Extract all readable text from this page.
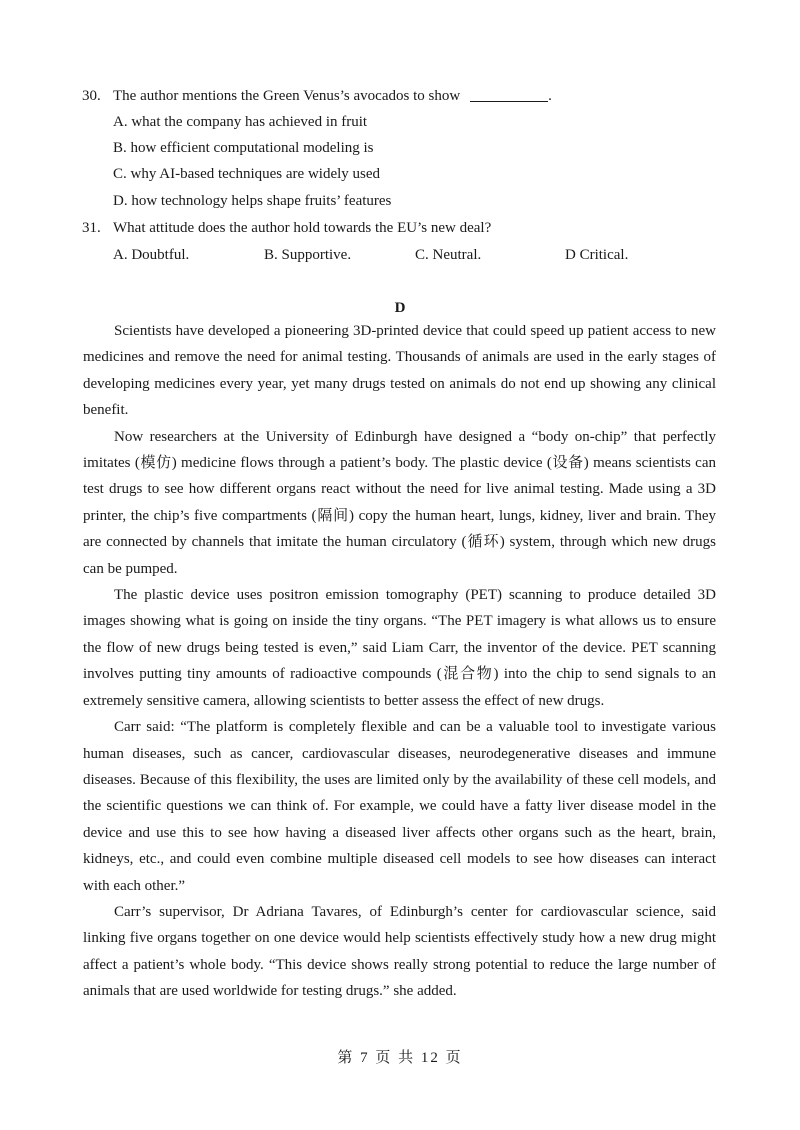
30. The author mentions the Green Venus’s avocados to show	.
A. what the company has achieved in fruit
B. how efficient computational modeling is
C. why AI-based techniques are widely used
D. how technology helps shape fruits’ features
31. What attitude does the author hold towards the EU’s new deal?
A. Doubtful.	B. Supportive.	C. Neutral.	D Critical.
D

Scientists have developed a pioneering 3D-printed device that could speed up patient access to new medicines and remove the need for animal testing. Thousands of animals are used in the early stages of developing medicines every year, yet many drugs tested on animals do not end up showing any clinical benefit.

Now researchers at the University of Edinburgh have designed a “body on-chip” that perfectly imitates (模仿) medicine flows through a patient’s body. The plastic device (设备) means scientists can test drugs to see how different organs react without the need for live animal testing. Made using a 3D printer, the chip’s five compartments (隔间) copy the human heart, lungs, kidney, liver and brain. They are connected by channels that imitate the human circulatory (循环) system, through which new drugs can be pumped.

The plastic device uses positron emission tomography (PET) scanning to produce detailed 3D images showing what is going on inside the tiny organs. “The PET imagery is what allows us to ensure the flow of new drugs being tested is even,” said Liam Carr, the inventor of the device. PET scanning involves putting tiny amounts of radioactive compounds (混合物) into the chip to send signals to an extremely sensitive camera, allowing scientists to better assess the effect of new drugs.

Carr said: “The platform is completely flexible and can be a valuable tool to investigate various human diseases, such as cancer, cardiovascular diseases, neurodegenerative diseases and immune diseases. Because of this flexibility, the uses are limited only by the availability of these cell models, and the scientific questions we can think of. For example, we could have a fatty liver disease model in the device and use this to see how having a diseased liver affects other organs such as the heart, brain, kidneys, etc., and could even combine multiple diseased cell models to see how diseases can interact with each other.”

Carr’s supervisor, Dr Adriana Tavares, of Edinburgh’s center for cardiovascular science, said linking five organs together on one device would help scientists effectively study how a new drug might affect a patient’s whole body. “This device shows really strong potential to reduce the large number of animals that are used worldwide for testing drugs.” she added.

第 7 页 共 12 页
